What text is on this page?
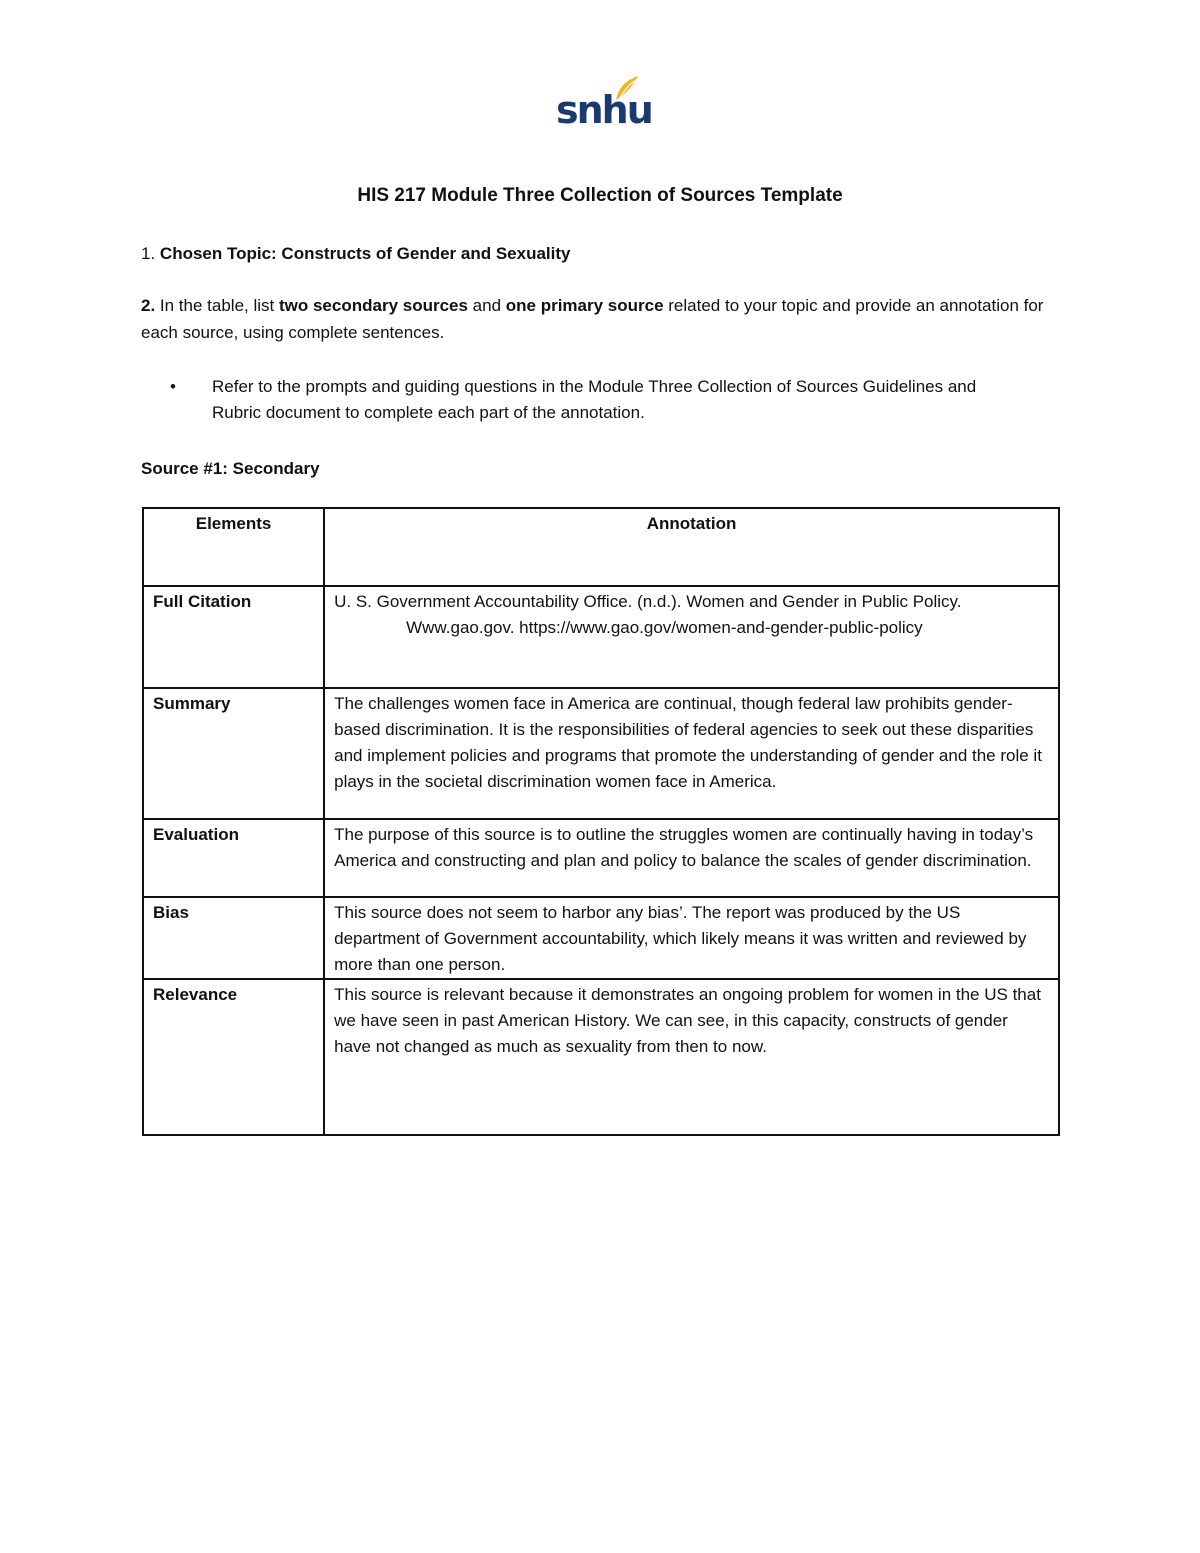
snhu
HIS 217 Module Three Collection of Sources Template
1. Chosen Topic: Constructs of Gender and Sexuality
2. In the table, list two secondary sources and one primary source related to your topic and provide an annotation for each source, using complete sentences.
• Refer to the prompts and guiding questions in the Module Three Collection of Sources Guidelines and Rubric document to complete each part of the annotation.
Source #1: Secondary
Elements	Annotation
Full Citation	U. S. Government Accountability Office. (n.d.). Women and Gender in Public Policy. Www.gao.gov. https://www.gao.gov/women-and-gender-public-policy

Summary	The challenges women face in America are continual, though federal law prohibits gender-based discrimination. It is the responsibilities of federal agencies to seek out these disparities and implement policies and programs that promote the understanding of gender and the role it plays in the societal discrimination women face in America.
Evaluation	The purpose of this source is to outline the struggles women are continually having in today’s America and constructing and plan and policy to balance the scales of gender discrimination.
Bias	This source does not seem to harbor any bias’. The report was produced by the US department of Government accountability, which likely means it was written and reviewed by more than one person.
Relevance	This source is relevant because it demonstrates an ongoing problem for women in the US that we have seen in past American History. We can see, in this capacity, constructs of gender have not changed as much as sexuality from then to now.
